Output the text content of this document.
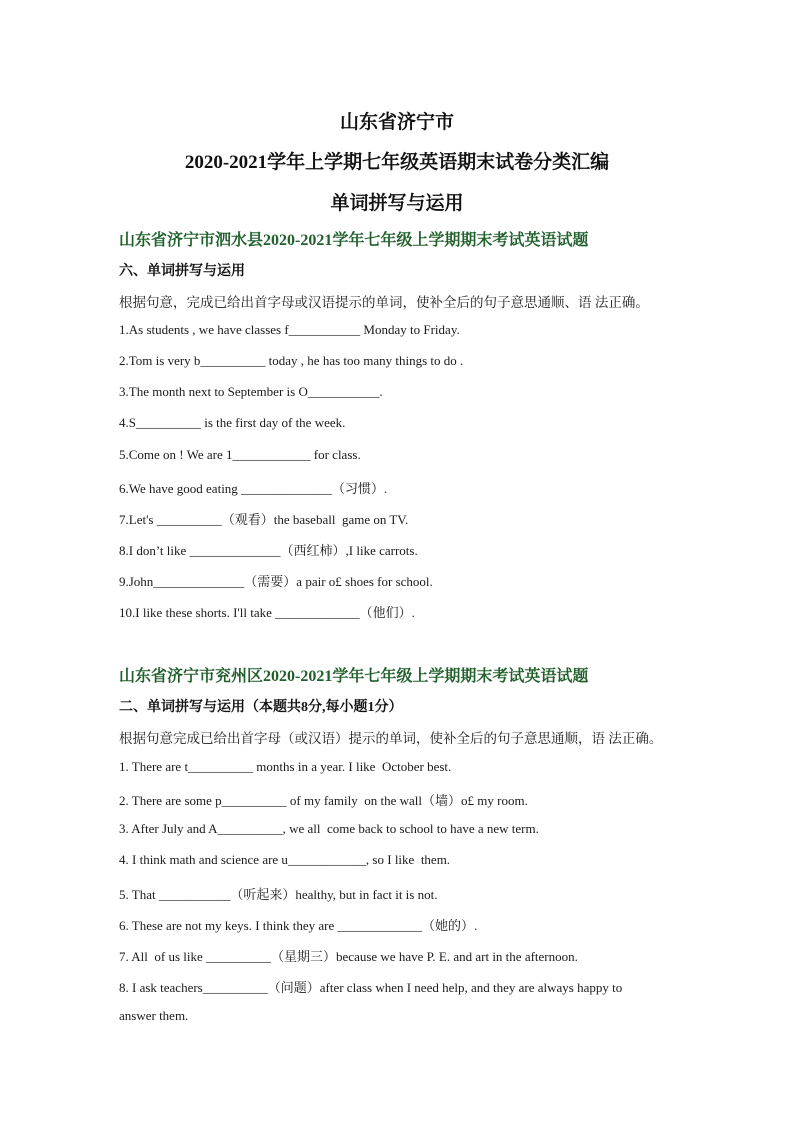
山东省济宁市
2020-2021学年上学期七年级英语期末试卷分类汇编
单词拼写与运用
山东省济宁市泗水县2020-2021学年七年级上学期期末考试英语试题
六、单词拼写与运用
根据句意，完成已给出首字母或汉语提示的单词，使补全后的句子意思通顺、语 法正确。
1.As students , we have classes f___________ Monday to Friday.
2.Tom is very b__________ today , he has too many things to do .
3.The month next to September is O___________.
4.S__________ is the first day of the week.
5.Come on ! We are 1____________ for class.
6.We have good eating ______________（习惯）.
7.Let's __________（观看）the baseball  game on TV.
8.I don’t like ______________（西红柿）,I like carrots.
9.John______________（需要）a pair o£ shoes for school.
10.I like these shorts. I'll take _____________（他们）.
山东省济宁市兖州区2020-2021学年七年级上学期期末考试英语试题
二、单词拼写与运用（本题共8分,每小题1分）
根据句意完成已给出首字母（或汉语）提示的单词，使补全后的句子意思通顺，语 法正确。
1. There are t__________ months in a year. I like  October best.
2. There are some p__________ of my family  on the wall（墙）o£ my room.
3. After July and A__________, we all  come back to school to have a new term.
4. I think math and science are u____________, so I like  them.
5. That ___________（听起来）healthy, but in fact it is not.
6. These are not my keys. I think they are _____________（她的）.
7. All  of us like __________（星期三）because we have P. E. and art in the afternoon.
8. I ask teachers__________（问题）after class when I need help, and they are always happy to
answer them.
